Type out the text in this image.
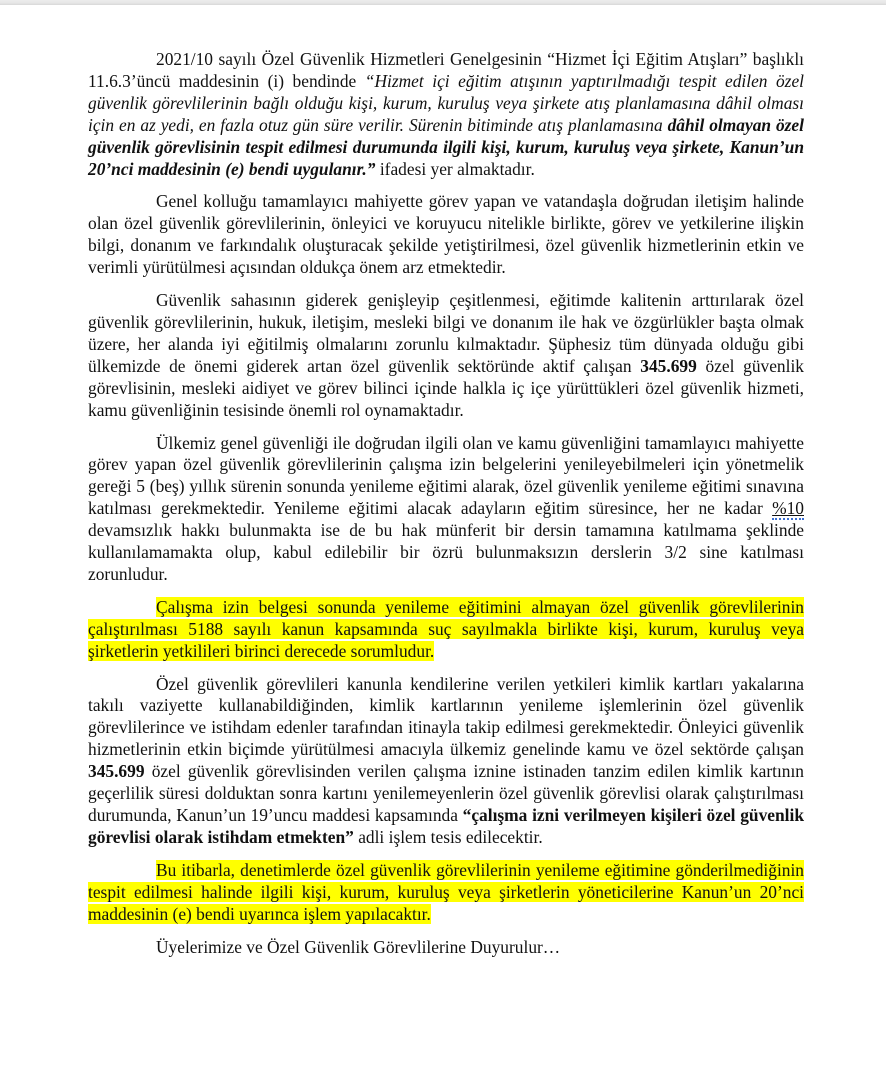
2021/10 sayılı Özel Güvenlik Hizmetleri Genelgesinin “Hizmet İçi Eğitim Atışları” başlıklı 11.6.3’üncü maddesinin (i) bendinde “Hizmet içi eğitim atışının yaptırılmadığı tespit edilen özel güvenlik görevlilerinin bağlı olduğu kişi, kurum, kuruluş veya şirkete atış planlamasına dâhil olması için en az yedi, en fazla otuz gün süre verilir. Sürenin bitiminde atış planlamasına dâhil olmayan özel güvenlik görevlisinin tespit edilmesi durumunda ilgili kişi, kurum, kuruluş veya şirkete, Kanun’un 20’nci maddesinin (e) bendi uygulanır.” ifadesi yer almaktadır.

Genel kolluğu tamamlayıcı mahiyette görev yapan ve vatandaşla doğrudan iletişim halinde olan özel güvenlik görevlilerinin, önleyici ve koruyucu nitelikle birlikte, görev ve yetkilerine ilişkin bilgi, donanım ve farkındalık oluşturacak şekilde yetiştirilmesi, özel güvenlik hizmetlerinin etkin ve verimli yürütülmesi açısından oldukça önem arz etmektedir.

Güvenlik sahasının giderek genişleyip çeşitlenmesi, eğitimde kalitenin arttırılarak özel güvenlik görevlilerinin, hukuk, iletişim, mesleki bilgi ve donanım ile hak ve özgürlükler başta olmak üzere, her alanda iyi eğitilmiş olmalarını zorunlu kılmaktadır. Şüphesiz tüm dünyada olduğu gibi ülkemizde de önemi giderek artan özel güvenlik sektöründe aktif çalışan 345.699 özel güvenlik görevlisinin, mesleki aidiyet ve görev bilinci içinde halkla iç içe yürüttükleri özel güvenlik hizmeti, kamu güvenliğinin tesisinde önemli rol oynamaktadır.

Ülkemiz genel güvenliği ile doğrudan ilgili olan ve kamu güvenliğini tamamlayıcı mahiyette görev yapan özel güvenlik görevlilerinin çalışma izin belgelerini yenileyebilmeleri için yönetmelik gereği 5 (beş) yıllık sürenin sonunda yenileme eğitimi alarak, özel güvenlik yenileme eğitimi sınavına katılması gerekmektedir. Yenileme eğitimi alacak adayların eğitim süresince, her ne kadar %10 devamsızlık hakkı bulunmakta ise de bu hak münferit bir dersin tamamına katılmama şeklinde kullanılamamakta olup, kabul edilebilir bir özrü bulunmaksızın derslerin 3/2 sine katılması zorunludur.

Çalışma izin belgesi sonunda yenileme eğitimini almayan özel güvenlik görevlilerinin çalıştırılması 5188 sayılı kanun kapsamında suç sayılmakla birlikte kişi, kurum, kuruluş veya şirketlerin yetkilileri birinci derecede sorumludur.

Özel güvenlik görevlileri kanunla kendilerine verilen yetkileri kimlik kartları yakalarına takılı vaziyette kullanabildiğinden, kimlik kartlarının yenileme işlemlerinin özel güvenlik görevlilerince ve istihdam edenler tarafından itinayla takip edilmesi gerekmektedir. Önleyici güvenlik hizmetlerinin etkin biçimde yürütülmesi amacıyla ülkemiz genelinde kamu ve özel sektörde çalışan 345.699 özel güvenlik görevlisinden verilen çalışma iznine istinaden tanzim edilen kimlik kartının geçerlilik süresi dolduktan sonra kartını yenilemeyenlerin özel güvenlik görevlisi olarak çalıştırılması durumunda, Kanun’un 19’uncu maddesi kapsamında “çalışma izni verilmeyen kişileri özel güvenlik görevlisi olarak istihdam etmekten” adli işlem tesis edilecektir.

Bu itibarla, denetimlerde özel güvenlik görevlilerinin yenileme eğitimine gönderilmediğinin tespit edilmesi halinde ilgili kişi, kurum, kuruluş veya şirketlerin yöneticilerine Kanun’un 20’nci maddesinin (e) bendi uyarınca işlem yapılacaktır.

Üyelerimize ve Özel Güvenlik Görevlilerine Duyurulur…
